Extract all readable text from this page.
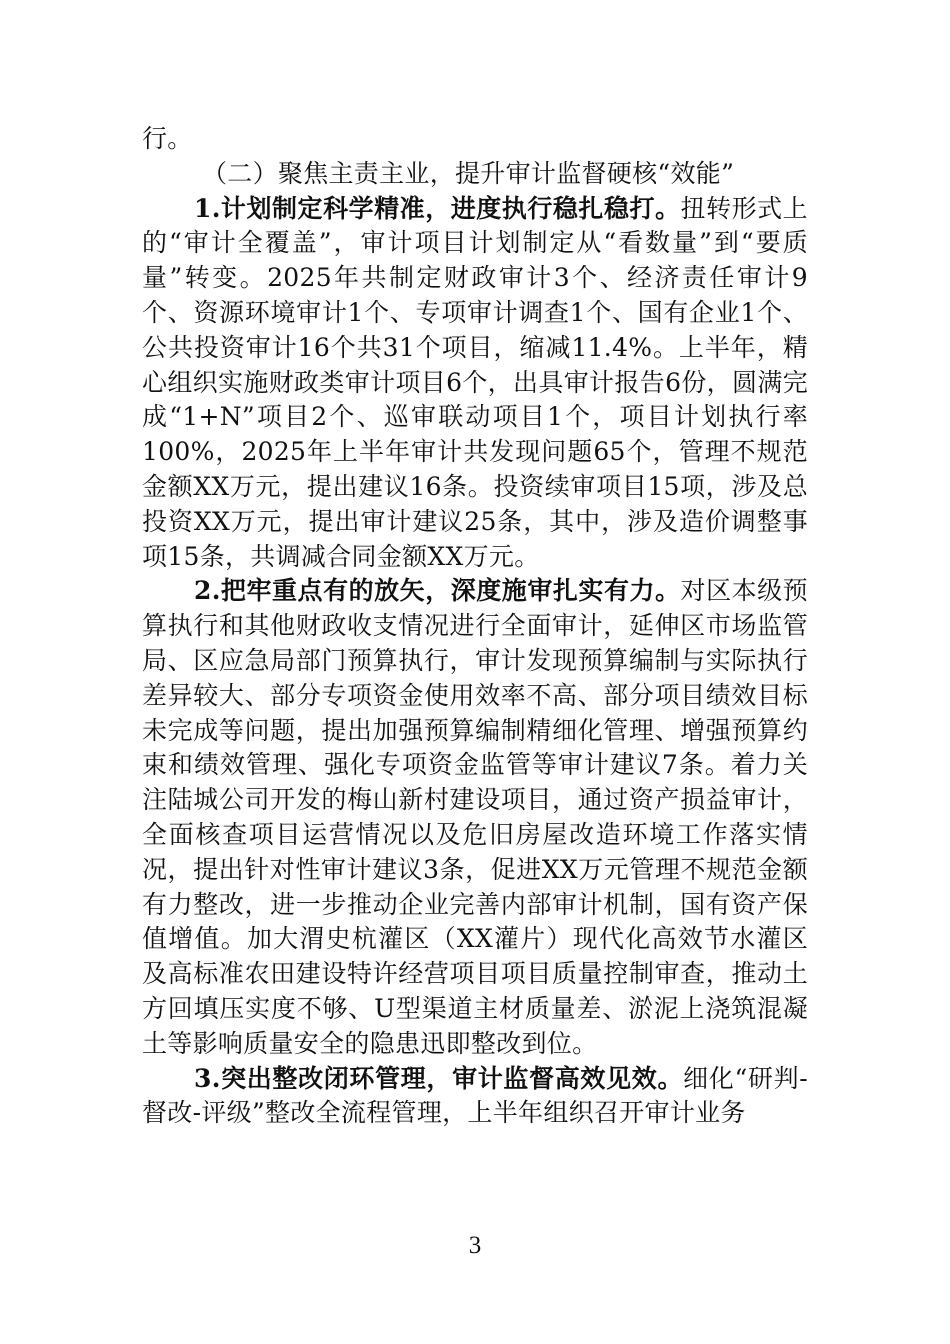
行。

（二）聚焦主责主业，提升审计监督硬核“效能”

1.计划制定科学精准，进度执行稳扎稳打。扭转形式上的“审计全覆盖”，审计项目计划制定从“看数量”到“要质量”转变。2025年共制定财政审计3个、经济责任审计9个、资源环境审计1个、专项审计调查1个、国有企业1个、公共投资审计16个共31个项目，缩减11.4%。上半年，精心组织实施财政类审计项目6个，出具审计报告6份，圆满完成“1+N”项目2个、巡审联动项目1个，项目计划执行率100%，2025年上半年审计共发现问题65个，管理不规范金额XX万元，提出建议16条。投资续审项目15项，涉及总投资XX万元，提出审计建议25条，其中，涉及造价调整事项15条，共调减合同金额XX万元。

2.把牢重点有的放矢，深度施审扎实有力。对区本级预算执行和其他财政收支情况进行全面审计，延伸区市场监管局、区应急局部门预算执行，审计发现预算编制与实际执行差异较大、部分专项资金使用效率不高、部分项目绩效目标未完成等问题，提出加强预算编制精细化管理、增强预算约束和绩效管理、强化专项资金监管等审计建议7条。着力关注陆城公司开发的梅山新村建设项目，通过资产损益审计，全面核查项目运营情况以及危旧房屋改造环境工作落实情况，提出针对性审计建议3条，促进XX万元管理不规范金额有力整改，进一步推动企业完善内部审计机制，国有资产保值增值。加大渭史杭灌区（XX灌片）现代化高效节水灌区及高标准农田建设特许经营项目项目质量控制审查，推动土方回填压实度不够、U型渠道主材质量差、淤泥上浇筑混凝土等影响质量安全的隐患迅即整改到位。

3.突出整改闭环管理，审计监督高效见效。细化“研判-督改-评级”整改全流程管理，上半年组织召开审计业务

3
